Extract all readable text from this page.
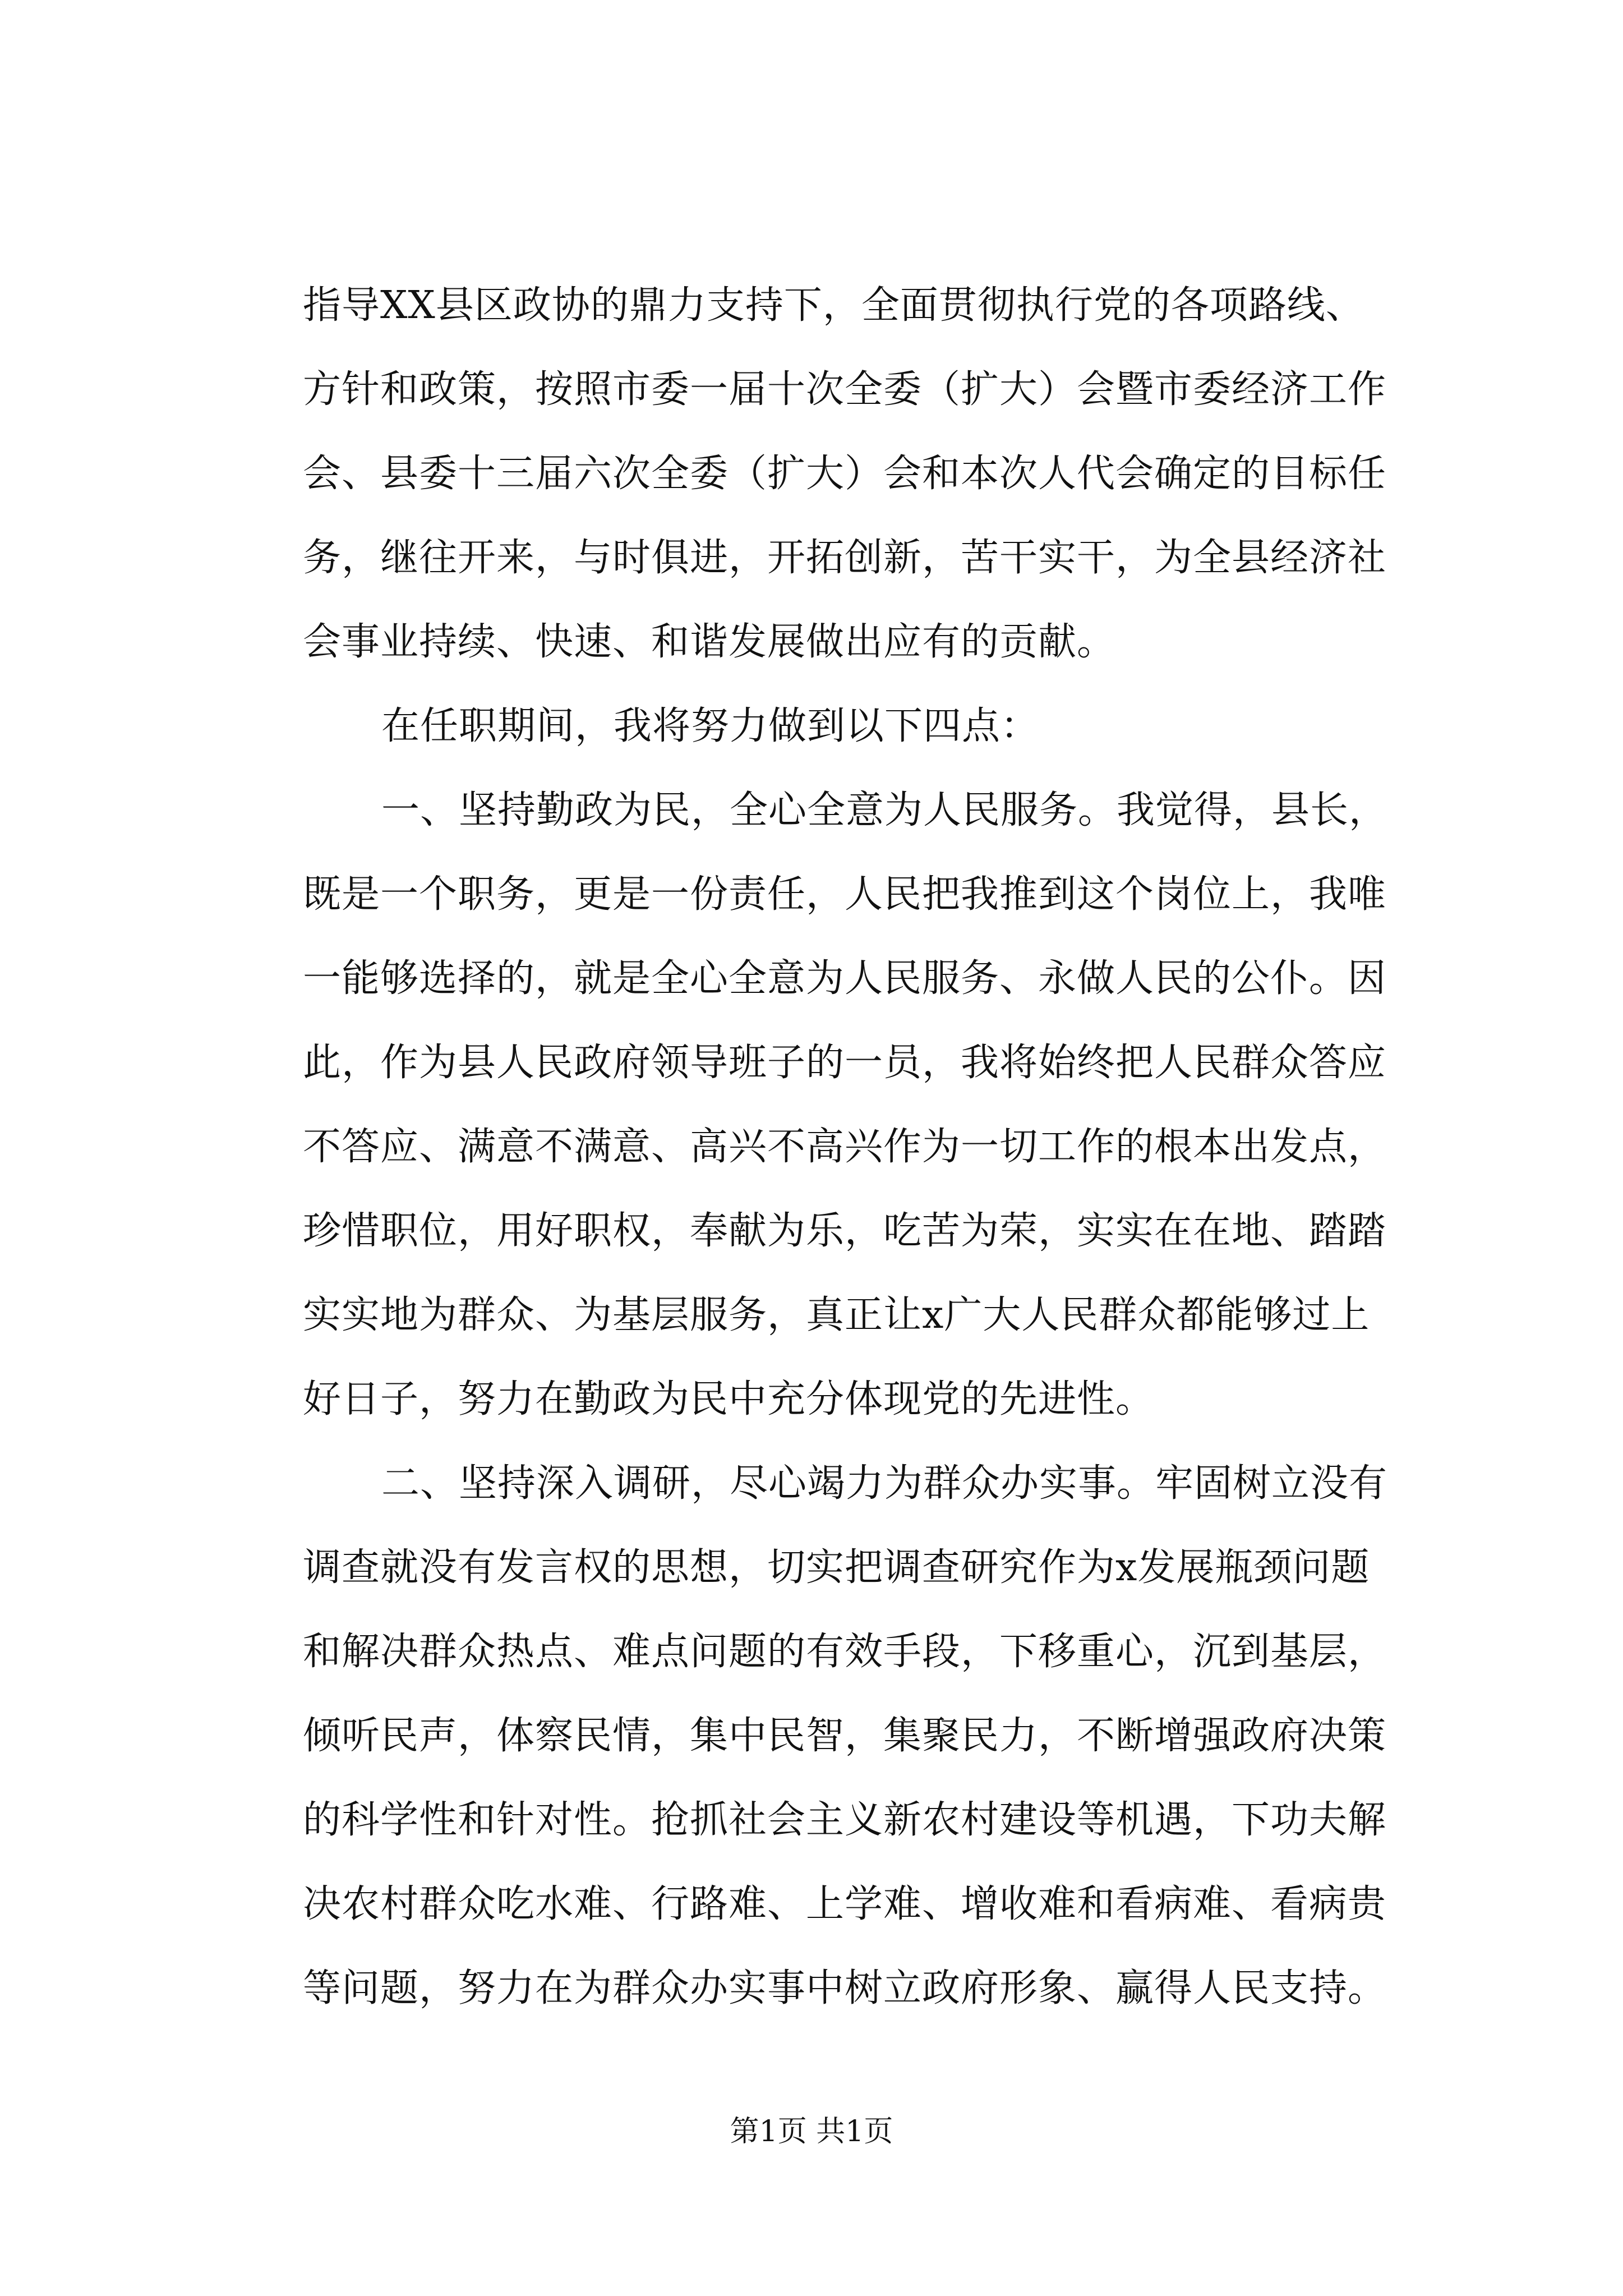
指导XX县区政协的鼎力支持下，全面贯彻执行党的各项路线、
方针和政策，按照市委一届十次全委（扩大）会暨市委经济工作
会、县委十三届六次全委（扩大）会和本次人代会确定的目标任
务，继往开来，与时俱进，开拓创新，苦干实干，为全县经济社
会事业持续、快速、和谐发展做出应有的贡献。
在任职期间，我将努力做到以下四点：
一、坚持勤政为民，全心全意为人民服务。我觉得，县长，
既是一个职务，更是一份责任，人民把我推到这个岗位上，我唯
一能够选择的，就是全心全意为人民服务、永做人民的公仆。因
此，作为县人民政府领导班子的一员，我将始终把人民群众答应
不答应、满意不满意、高兴不高兴作为一切工作的根本出发点，
珍惜职位，用好职权，奉献为乐，吃苦为荣，实实在在地、踏踏
实实地为群众、为基层服务，真正让x广大人民群众都能够过上
好日子，努力在勤政为民中充分体现党的先进性。
二、坚持深入调研，尽心竭力为群众办实事。牢固树立没有
调查就没有发言权的思想，切实把调查研究作为x发展瓶颈问题
和解决群众热点、难点问题的有效手段，下移重心，沉到基层，
倾听民声，体察民情，集中民智，集聚民力，不断增强政府决策
的科学性和针对性。抢抓社会主义新农村建设等机遇，下功夫解
决农村群众吃水难、行路难、上学难、增收难和看病难、看病贵
等问题，努力在为群众办实事中树立政府形象、赢得人民支持。
第1页 共1页
